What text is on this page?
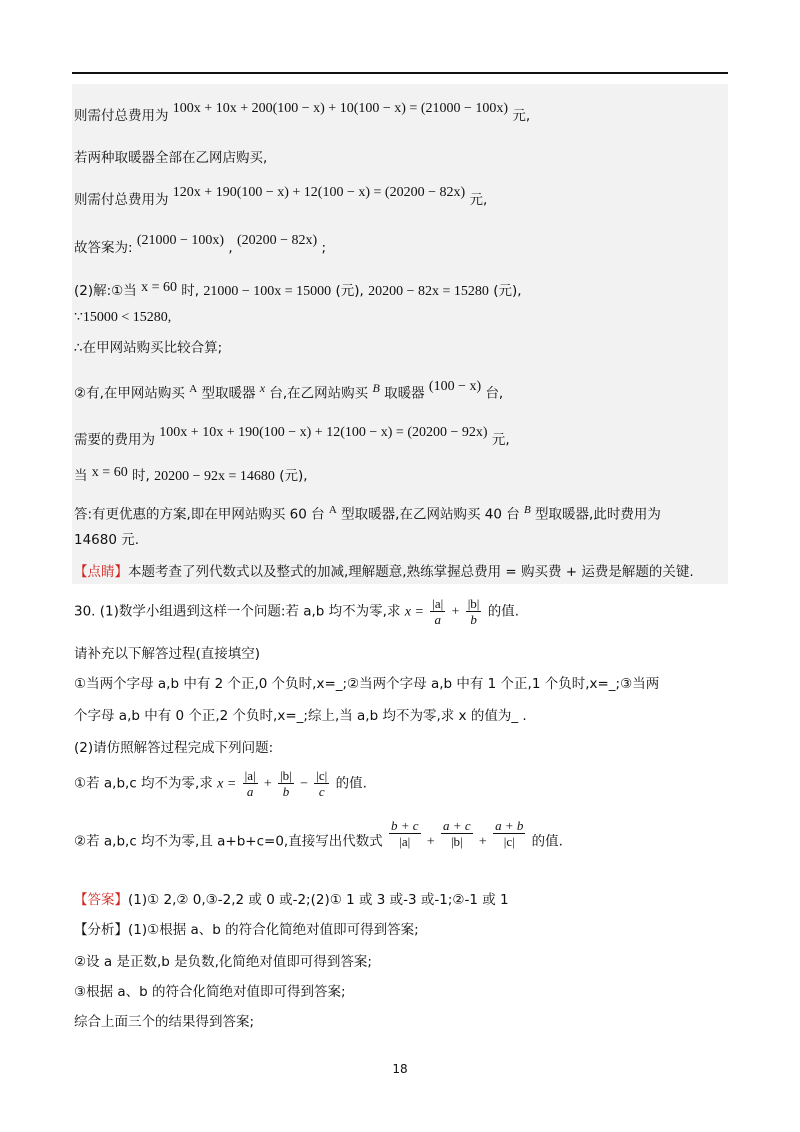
则需付总费用为 100x + 10x + 200(100 − x) + 10(100 − x) = (21000 − 100x) 元,
若两种取暖器全部在乙网店购买,
则需付总费用为 120x + 190(100 − x) + 12(100 − x) = (20200 − 82x) 元,
故答案为: (21000 − 100x) , (20200 − 82x) ;
(2)解:①当 x = 60 时, 21000 − 100x = 15000 (元), 20200 − 82x = 15280 (元),
∵15000 < 15280,
∴在甲网站购买比较合算;
②有,在甲网站购买 $^A$ 型取暖器 $^x$ 台,在乙网站购买 $^B$ 取暖器 (100 − x) 台,
需要的费用为 100x + 10x + 190(100 − x) + 12(100 − x) = (20200 − 92x) 元,
当 x = 60 时, 20200 − 92x = 14680 (元),
答:有更优惠的方案,即在甲网站购买 60 台 $^A$ 型取暖器,在乙网站购买 40 台 $^B$ 型取暖器,此时费用为
14680 元.
【点睛】本题考查了列代数式以及整式的加减,理解题意,熟练掌握总费用 = 购买费 + 运费是解题的关键.
30. (1)数学小组遇到这样一个问题:若 a,b 均不为零,求 $x = \frac{|a|}{a} + \frac{|b|}{b}$ 的值.
请补充以下解答过程(直接填空)
①当两个字母 a,b 中有 2 个正,0 个负时,x=_;②当两个字母 a,b 中有 1 个正,1 个负时,x=_;③当两
个字母 a,b 中有 0 个正,2 个负时,x=_;综上,当 a,b 均不为零,求 x 的值为_ .
(2)请仿照解答过程完成下列问题:
①若 a,b,c 均不为零,求 $x = \frac{|a|}{a} + \frac{|b|}{b} - \frac{|c|}{c}$ 的值.
②若 a,b,c 均不为零,且 a+b+c=0,直接写出代数式 $\frac{b + c}{|a|} + \frac{a + c}{|b|} + \frac{a + b}{|c|}$ 的值.
【答案】(1)① 2,② 0,③-2,2 或 0 或-2;(2)① 1 或 3 或-3 或-1;②-1 或 1
【分析】(1)①根据 a、b 的符合化简绝对值即可得到答案;
②设 a 是正数,b 是负数,化简绝对值即可得到答案;
③根据 a、b 的符合化简绝对值即可得到答案;
综合上面三个的结果得到答案;
18
